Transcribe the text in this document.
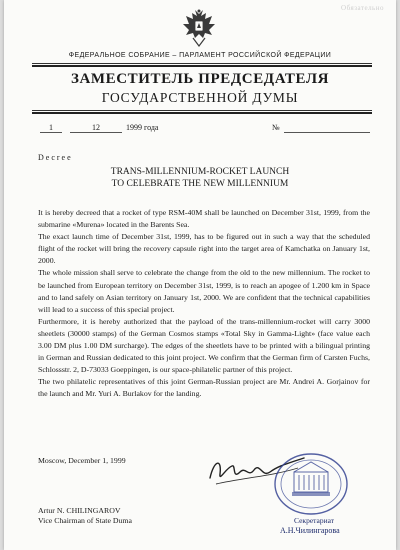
Обязательно
ФЕДЕРАЛЬНОЕ СОБРАНИЕ – ПАРЛАМЕНТ РОССИЙСКОЙ ФЕДЕРАЦИИ
ЗАМЕСТИТЕЛЬ ПРЕДСЕДАТЕЛЯ
ГОСУДАРСТВЕННОЙ ДУМЫ
1	12	1999 года	№
Decree
TRANS-MILLENNIUM-ROCKET LAUNCH
TO CELEBRATE THE NEW MILLENNIUM

It is hereby decreed that a rocket of type RSM-40M shall be launched on December 31st, 1999, from the submarine «Murena» located in the Barents Sea.

The exact launch time of December 31st, 1999, has to be figured out in such a way that the scheduled flight of the rocket will bring the recovery capsule right into the target area of Kamchatka on January 1st, 2000.

The whole mission shall serve to celebrate the change from the old to the new millennium. The rocket to be launched from European territory on December 31st, 1999, is to reach an apogee of 1.200 km in Space and to land safely on Asian territory on January 1st, 2000. We are confident that the technical capabilities will lead to a success of this special project.

Furthermore, it is hereby authorized that the payload of the trans-millennium-rocket will carry 3000 sheetlets (30000 stamps) of the German Cosmos stamps «Total Sky in Gamma-Light» (face value each 3.00 DM plus 1.00 DM surcharge). The edges of the sheetlets have to be printed with a bilingual printing in German and Russian dedicated to this joint project. We confirm that the German firm of Carsten Fuchs, Schlossstr. 2, D-73033 Goeppingen, is our space-philatelic partner of this project.

The two philatelic representatives of this joint German-Russian project are Mr. Andrei A. Gorjainov for the launch and Mr. Yuri A. Burlakov for the landing.

Moscow, December 1, 1999
Секретариат
А.Н.Чилингарова
Artur N. CHILINGAROV
Vice Chairman of State Duma
